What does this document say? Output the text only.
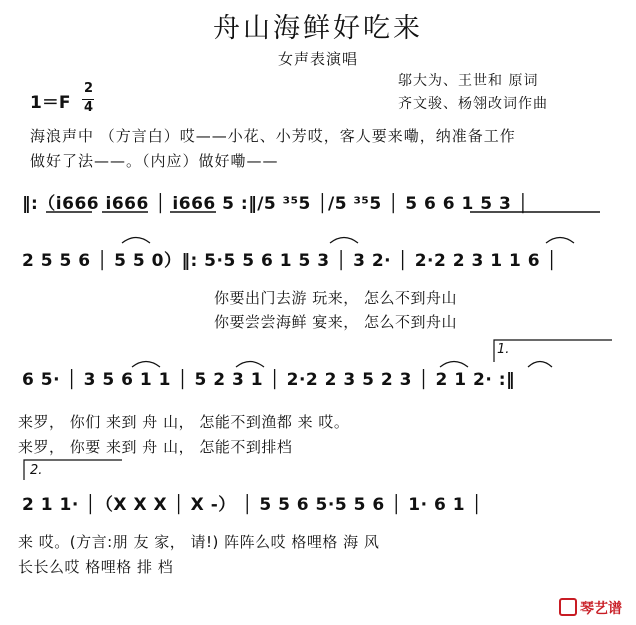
舟山海鲜好吃来
女声表演唱
邬大为、王世和 原词
齐文骏、杨翎改词作曲
1＝F
2
4
海浪声中 （方言白）哎——小花、小芳哎，客人要来嘞，纳准备工作
做好了法——。（内应）做好嘞——
‖:（i666 i666 │ i666 5 :‖/5 ³⁵5 │/5 ³⁵5 │ 5 6 6 1 5 3 │
2 5 5 6 │ 5 5 0）‖: 5·5 5 6 1 5 3 │ 3 2· │ 2·2 2 3 1 1 6 │
你要出门去游 玩来， 怎么不到舟山
你要尝尝海鲜 宴来， 怎么不到舟山
6 5· │ 3 5 6 1 1 │ 5 2 3 1 │ 2·2 2 3 5 2 3 │ 2 1 2· :‖
来罗， 你们 来到 舟 山， 怎能不到渔都 来 哎。
来罗， 你要 来到 舟 山， 怎能不到排档
2 1 1· │（X X X │ X -） │ 5 5 6 5·5 5 6 │ 1· 6 1 │
来 哎。(方言:朋 友 家， 请!) 阵阵么哎 格哩格 海 风
长长么哎 格哩格 排 档
1.
2.
琴艺谱
